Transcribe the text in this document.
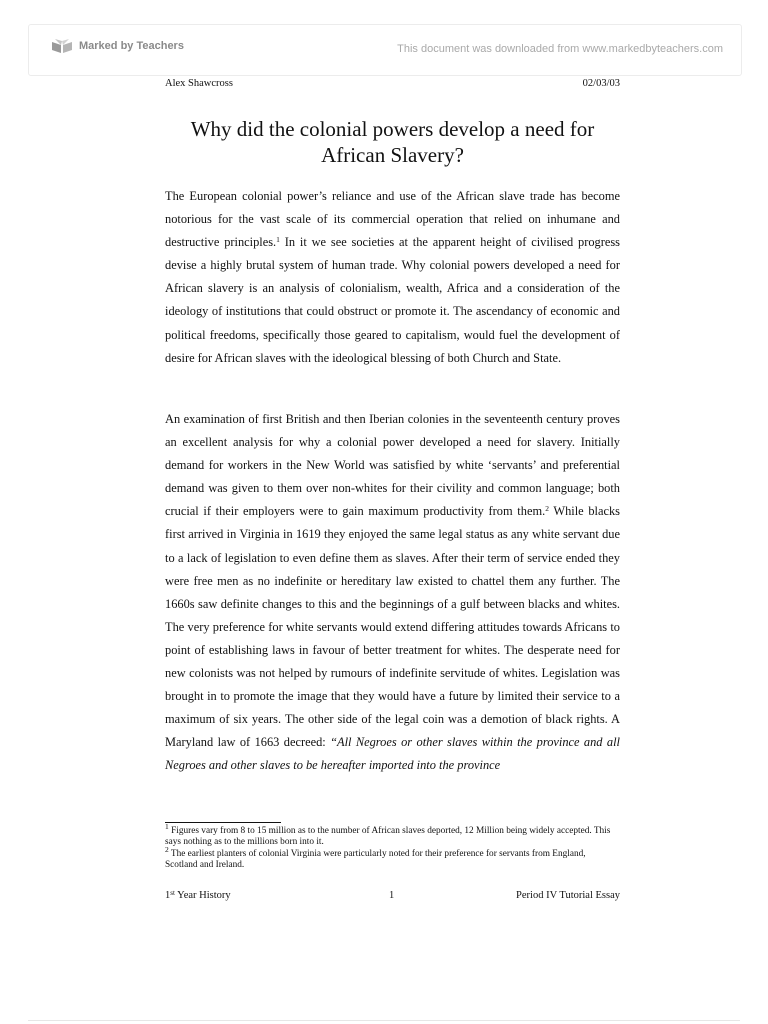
Marked by Teachers	This document was downloaded from www.markedbyteachers.com
Alex Shawcross	02/03/03
Why did the colonial powers develop a need for
African Slavery?

The European colonial power’s reliance and use of the African slave trade has become notorious for the vast scale of its commercial operation that relied on inhumane and destructive principles.$^1$ In it we see societies at the apparent height of civilised progress devise a highly brutal system of human trade. Why colonial powers developed a need for African slavery is an analysis of colonialism, wealth, Africa and a consideration of the ideology of institutions that could obstruct or promote it. The ascendancy of economic and political freedoms, specifically those geared to capitalism, would fuel the development of desire for African slaves with the ideological blessing of both Church and State.

An examination of first British and then Iberian colonies in the seventeenth century proves an excellent analysis for why a colonial power developed a need for slavery. Initially demand for workers in the New World was satisfied by white ‘servants’ and preferential demand was given to them over non-whites for their civility and common language; both crucial if their employers were to gain maximum productivity from them.$^2$ While blacks first arrived in Virginia in 1619 they enjoyed the same legal status as any white servant due to a lack of legislation to even define them as slaves. After their term of service ended they were free men as no indefinite or hereditary law existed to chattel them any further. The 1660s saw definite changes to this and the beginnings of a gulf between blacks and whites. The very preference for white servants would extend differing attitudes towards Africans to point of establishing laws in favour of better treatment for whites. The desperate need for new colonists was not helped by rumours of indefinite servitude of whites. Legislation was brought in to promote the image that they would have a future by limited their service to a maximum of six years. The other side of the legal coin was a demotion of black rights. A Maryland law of 1663 decreed: “All Negroes or other slaves within the province and all Negroes and other slaves to be hereafter imported into the province

$^1$ Figures vary from 8 to 15 million as to the number of African slaves deported, 12 Million being widely accepted. This says nothing as to the millions born into it.

$^2$ The earliest planters of colonial Virginia were particularly noted for their preference for servants from England, Scotland and Ireland.

1st Year History	1	Period IV Tutorial Essay
